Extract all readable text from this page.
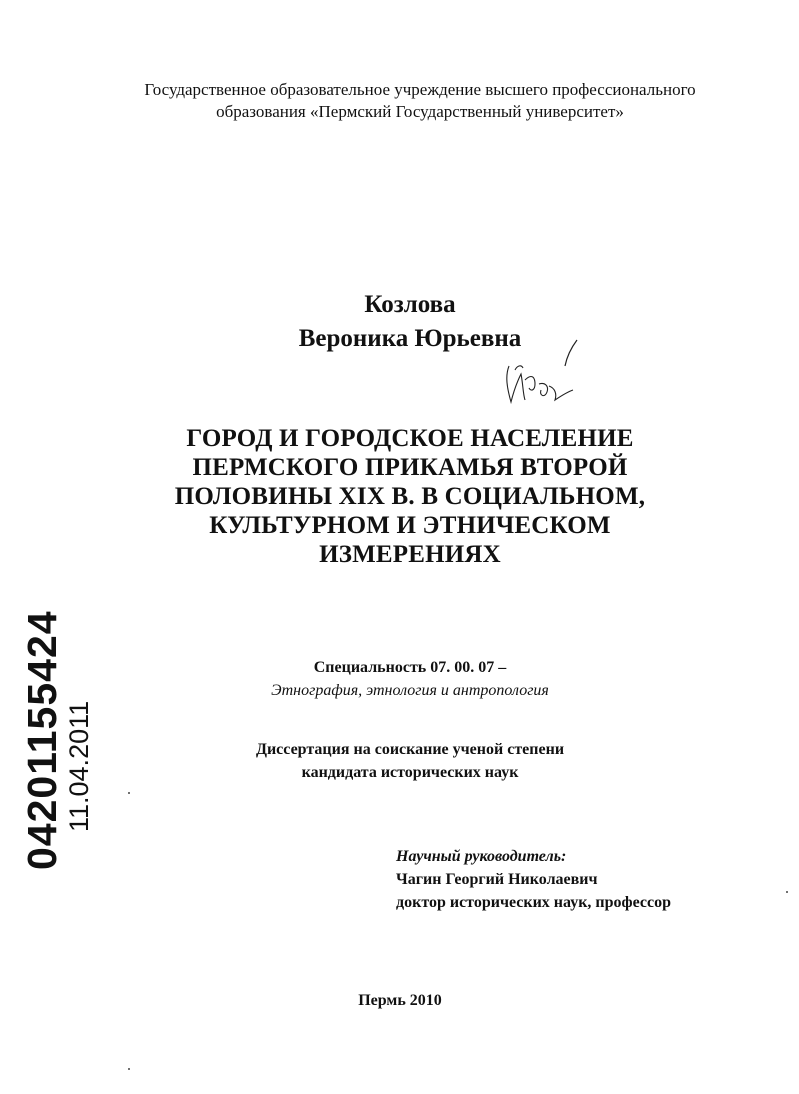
Государственное образовательное учреждение высшего профессионального
образования «Пермский Государственный университет»
Козлова
Вероника Юрьевна
ГОРОД И ГОРОДСКОЕ НАСЕЛЕНИЕ
ПЕРМСКОГО ПРИКАМЬЯ ВТОРОЙ
ПОЛОВИНЫ XIX В. В СОЦИАЛЬНОМ,
КУЛЬТУРНОМ И ЭТНИЧЕСКОМ
ИЗМЕРЕНИЯХ
Специальность 07. 00. 07 –
Этнография, этнология и антропология
Диссертация на соискание ученой степени
кандидата исторических наук
Научный руководитель:
Чагин Георгий Николаевич
доктор исторических наук, профессор
Пермь 2010
04201155424 11.04.2011
